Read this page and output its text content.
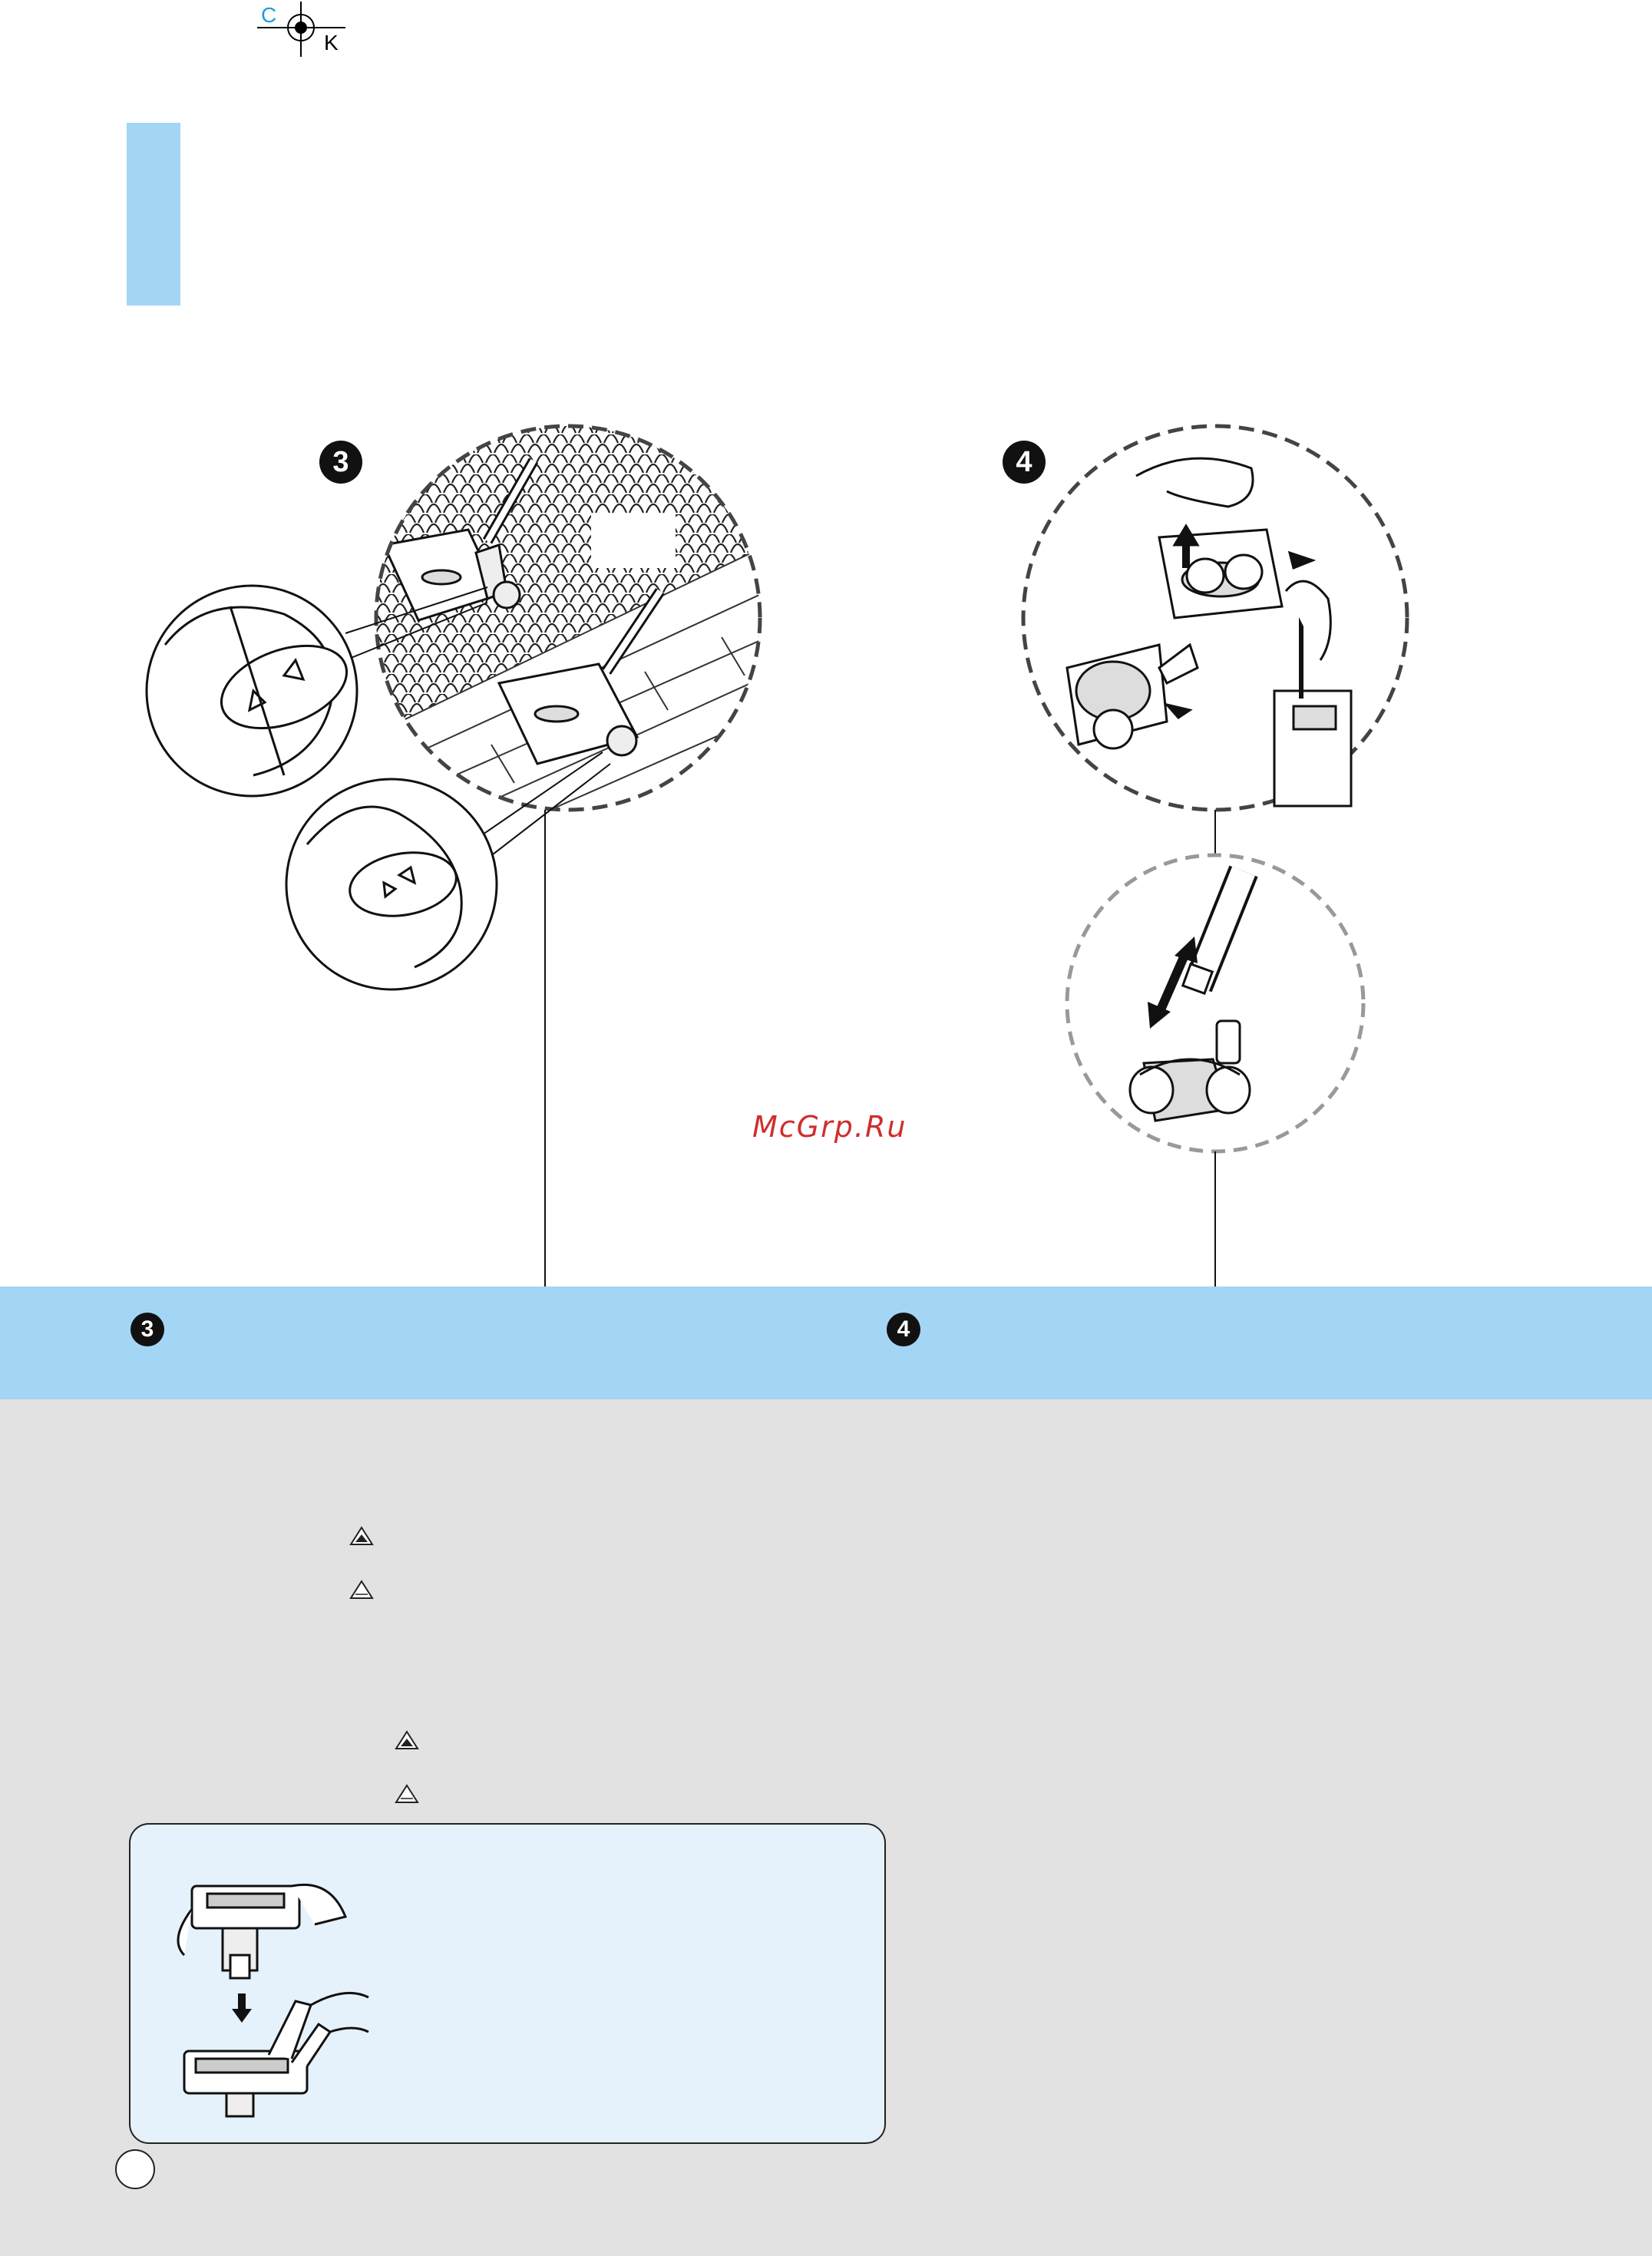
C
K
3	4
McGrp.Ru
3	4
